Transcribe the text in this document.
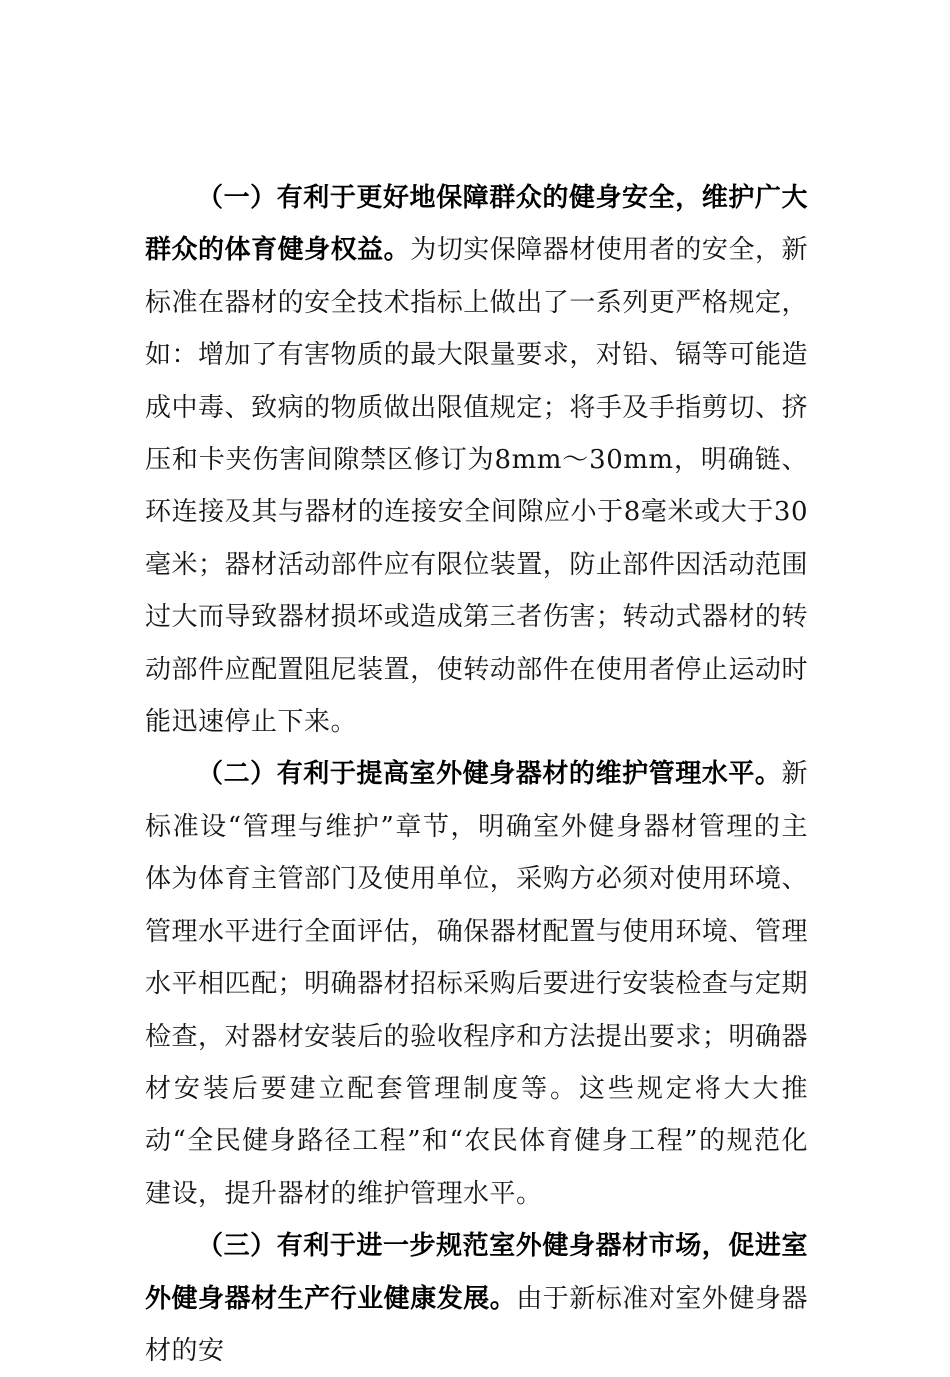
（一）有利于更好地保障群众的健身安全，维护广大群众的体育健身权益。为切实保障器材使用者的安全，新标准在器材的安全技术指标上做出了一系列更严格规定，如：增加了有害物质的最大限量要求，对铅、镉等可能造成中毒、致病的物质做出限值规定；将手及手指剪切、挤压和卡夹伤害间隙禁区修订为8mm～30mm，明确链、环连接及其与器材的连接安全间隙应小于8毫米或大于30毫米；器材活动部件应有限位装置，防止部件因活动范围过大而导致器材损坏或造成第三者伤害；转动式器材的转动部件应配置阻尼装置，使转动部件在使用者停止运动时能迅速停止下来。

（二）有利于提高室外健身器材的维护管理水平。新标准设“管理与维护”章节，明确室外健身器材管理的主体为体育主管部门及使用单位，采购方必须对使用环境、管理水平进行全面评估，确保器材配置与使用环境、管理水平相匹配；明确器材招标采购后要进行安装检查与定期检查，对器材安装后的验收程序和方法提出要求；明确器材安装后要建立配套管理制度等。这些规定将大大推动“全民健身路径工程”和“农民体育健身工程”的规范化建设，提升器材的维护管理水平。

（三）有利于进一步规范室外健身器材市场，促进室外健身器材生产行业健康发展。由于新标准对室外健身器材的安
